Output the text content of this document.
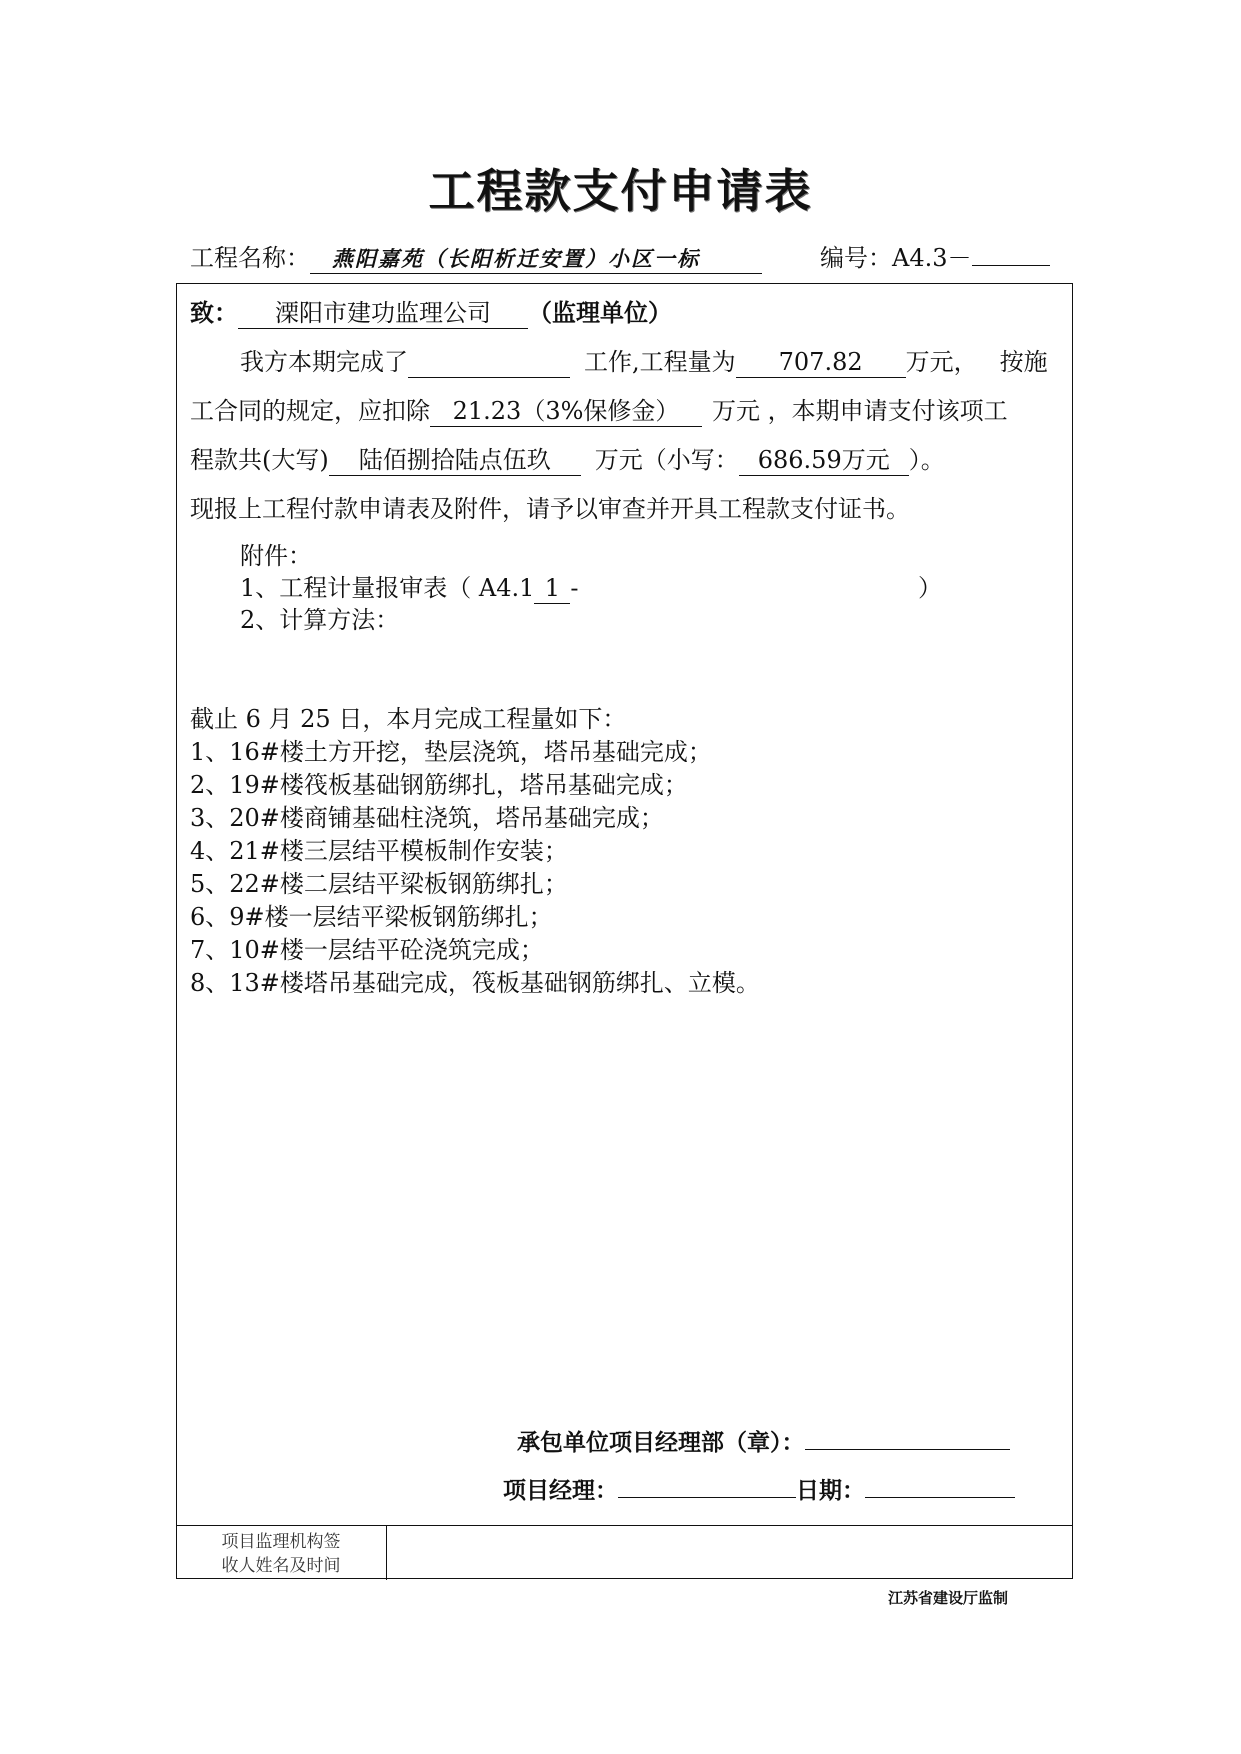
工程款支付申请表
工程名称： 燕阳嘉苑（长阳析迁安置）小区一标	编号：A4.3－
致： 溧阳市建功监理公司 （监理单位）
我方本期完成了	工作,工程量为 707.82 万元， 按施
工合同的规定，应扣除 21.23（3%保修金） 万元 ，本期申请支付该项工
程款共(大写) 陆佰捌拾陆点伍玖 万元（小写： 686.59万元 ）。
现报上工程付款申请表及附件，请予以审查并开具工程款支付证书。
附件：
1、工程计量报审表（ A4.1 1 -	）
2、计算方法：
截止 6 月 25 日，本月完成工程量如下：
1、16#楼土方开挖，垫层浇筑，塔吊基础完成；
2、19#楼筏板基础钢筋绑扎，塔吊基础完成；
3、20#楼商铺基础柱浇筑，塔吊基础完成；
4、21#楼三层结平模板制作安装；
5、22#楼二层结平梁板钢筋绑扎；
6、9#楼一层结平梁板钢筋绑扎；
7、10#楼一层结平砼浇筑完成；
8、13#楼塔吊基础完成，筏板基础钢筋绑扎、立模。
承包单位项目经理部（章）：
项目经理：	日期：
项目监理机构签
收人姓名及时间
江苏省建设厅监制
